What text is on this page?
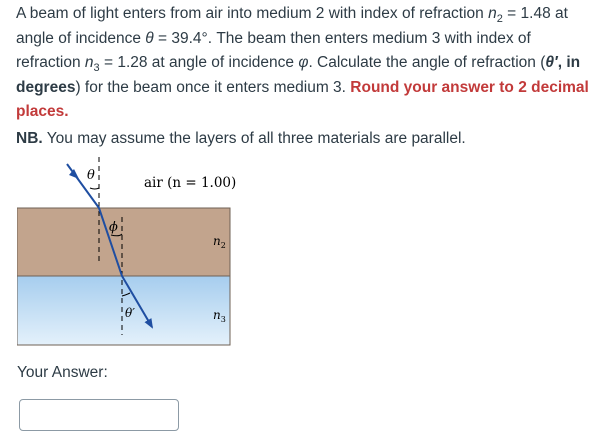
A beam of light enters from air into medium 2 with index of refraction $n_2 = 1.48$ at angle of incidence θ = 39.4°. The beam then enters medium 3 with index of refraction $n_3 = 1.28$ at angle of incidence φ. Calculate the angle of refraction (θ′, in degrees) for the beam once it enters medium 3. Round your answer to 2 decimal places.

NB. You may assume the layers of all three materials are parallel.

θ
ϕ
θ′
air (n = 1.00)
$n_2$
$n_3$
Your Answer:
